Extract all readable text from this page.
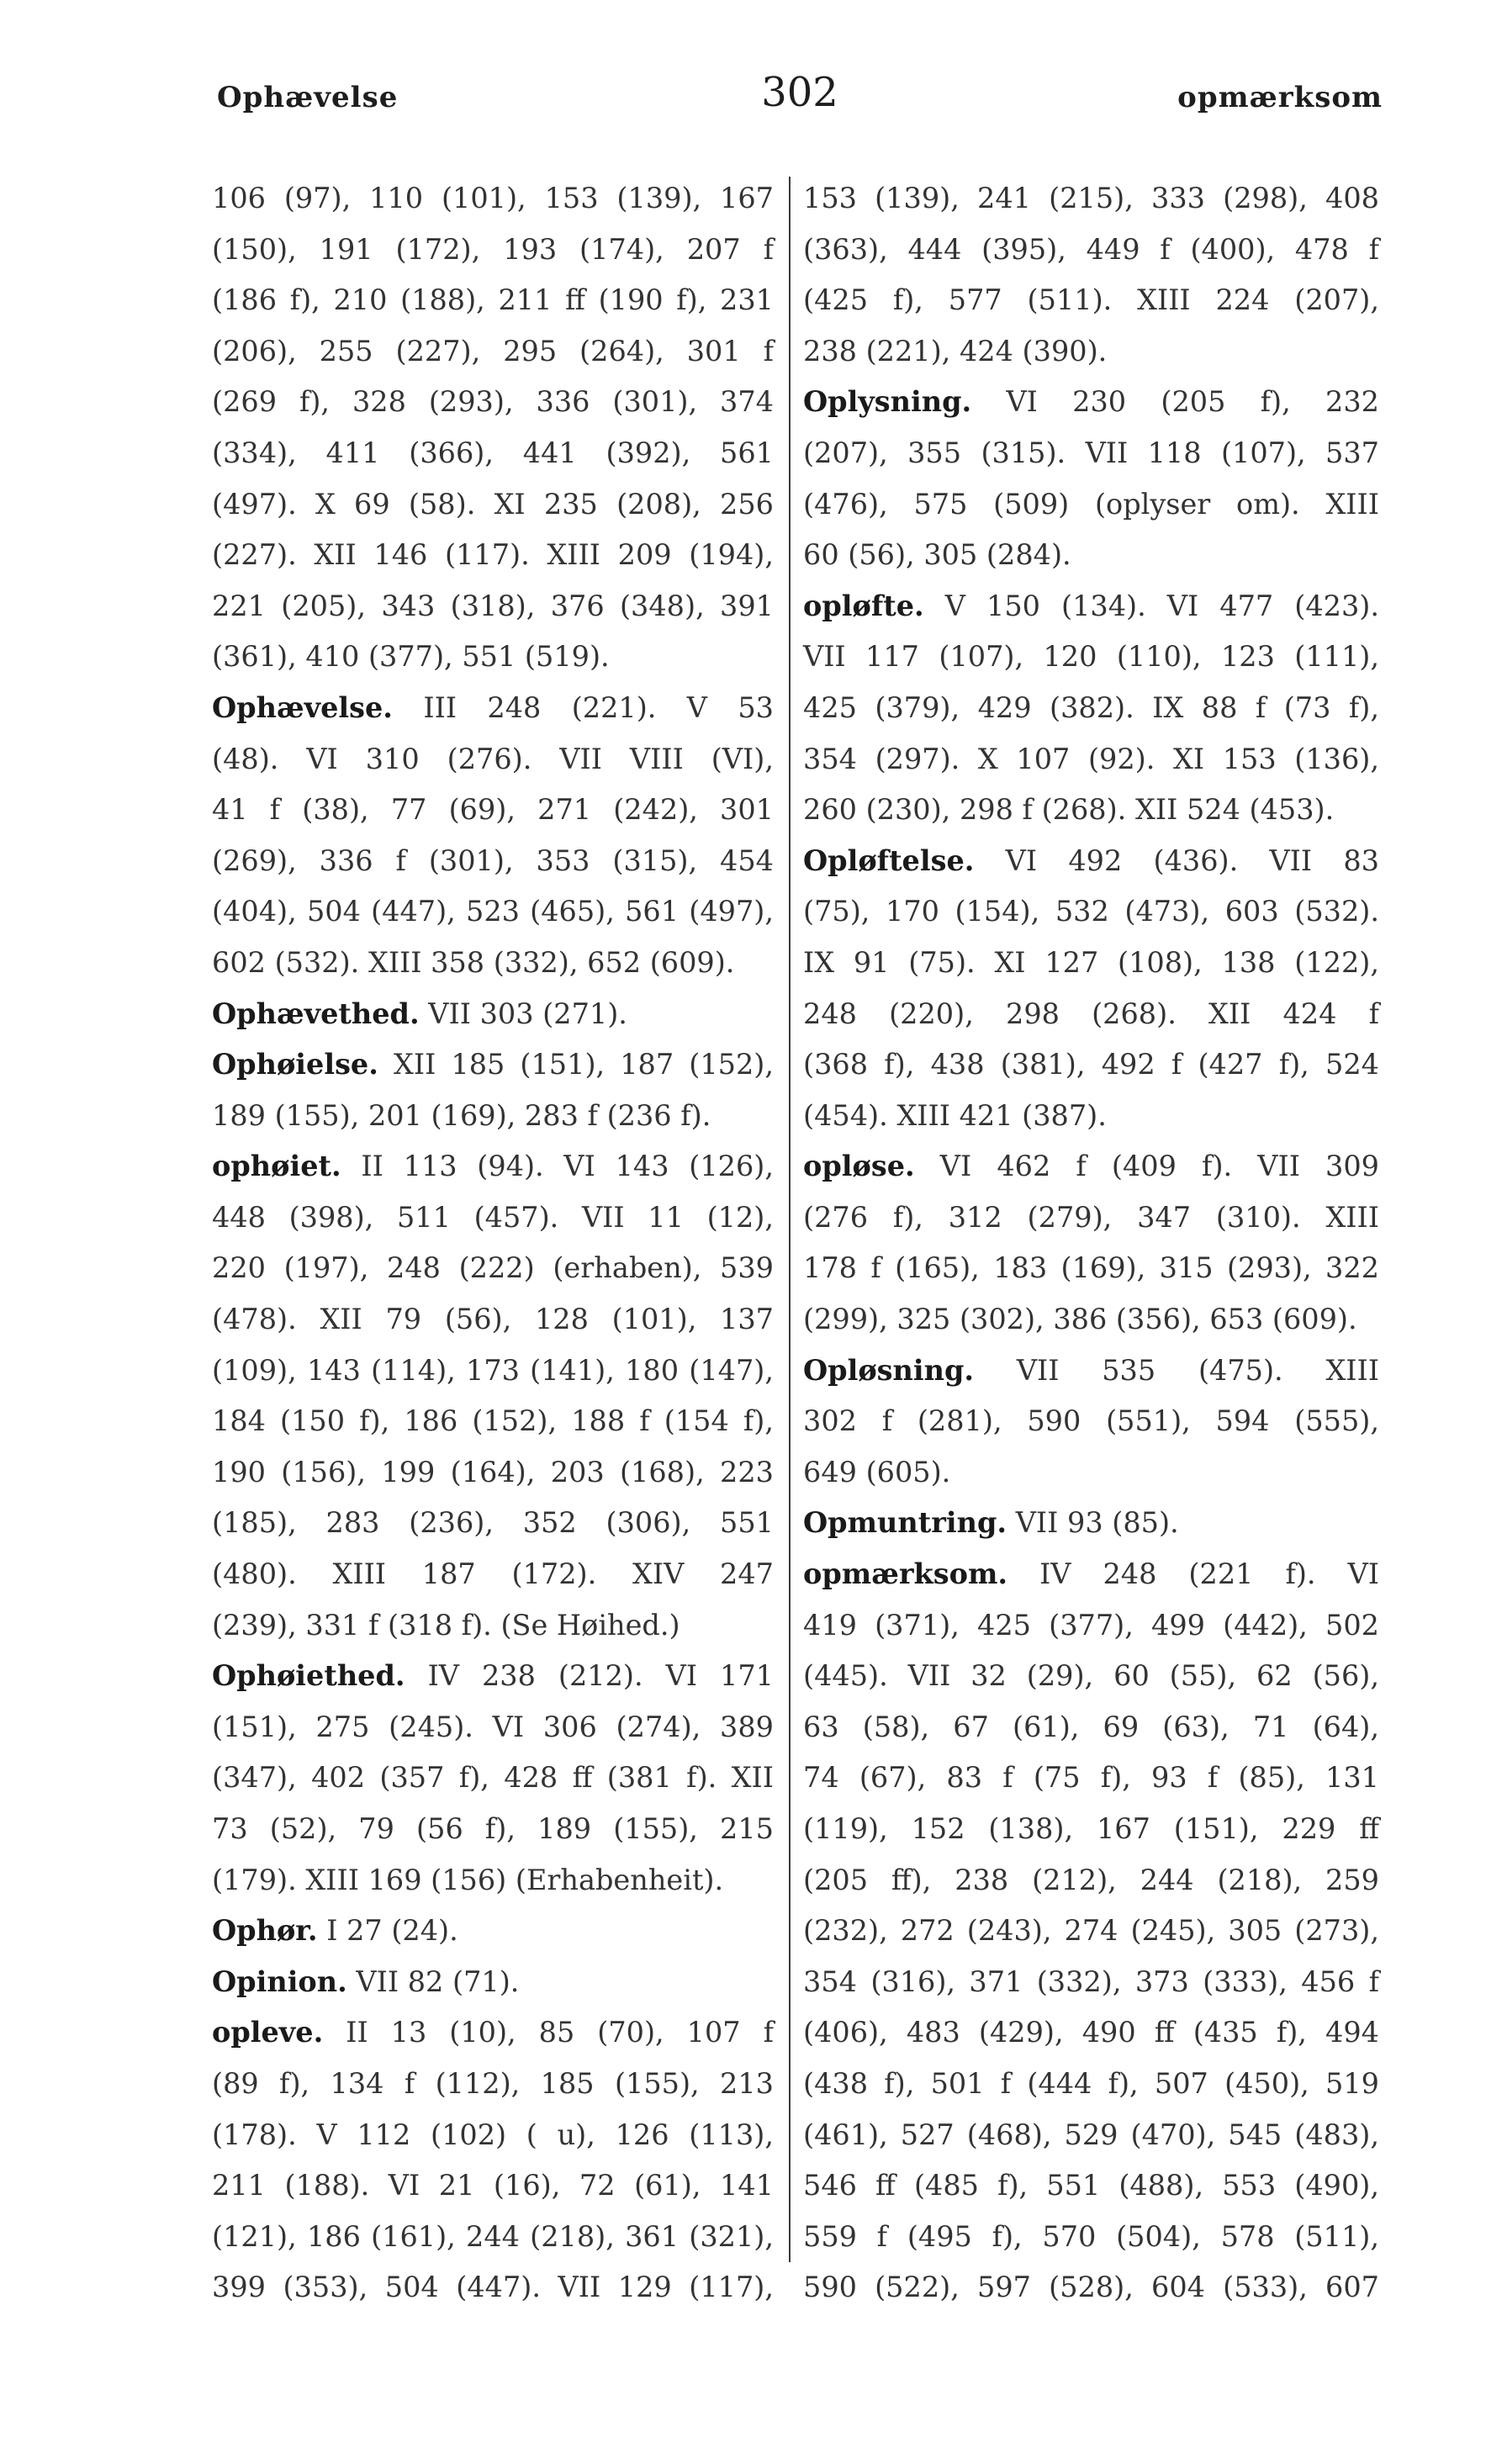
Ophævelse	302	opmærksom
106 (97), 110 (101), 153 (139), 167
(150), 191 (172), 193 (174), 207 f
(186 f), 210 (188), 211 ff (190 f), 231
(206), 255 (227), 295 (264), 301 f
(269 f), 328 (293), 336 (301), 374
(334), 411 (366), 441 (392), 561
(497). X 69 (58). XI 235 (208), 256
(227). XII 146 (117). XIII 209 (194),
221 (205), 343 (318), 376 (348), 391
(361), 410 (377), 551 (519).
Ophævelse. III 248 (221). V 53
(48). VI 310 (276). VII VIII (VI),
41 f (38), 77 (69), 271 (242), 301
(269), 336 f (301), 353 (315), 454
(404), 504 (447), 523 (465), 561 (497),
602 (532). XIII 358 (332), 652 (609).
Ophævethed. VII 303 (271).
Ophøielse. XII 185 (151), 187 (152),
189 (155), 201 (169), 283 f (236 f).
ophøiet. II 113 (94). VI 143 (126),
448 (398), 511 (457). VII 11 (12),
220 (197), 248 (222) (erhaben), 539
(478). XII 79 (56), 128 (101), 137
(109), 143 (114), 173 (141), 180 (147),
184 (150 f), 186 (152), 188 f (154 f),
190 (156), 199 (164), 203 (168), 223
(185), 283 (236), 352 (306), 551
(480). XIII 187 (172). XIV 247
(239), 331 f (318 f). (Se Høihed.)
Ophøiethed. IV 238 (212). VI 171
(151), 275 (245). VI 306 (274), 389
(347), 402 (357 f), 428 ff (381 f). XII
73 (52), 79 (56 f), 189 (155), 215
(179). XIII 169 (156) (Erhabenheit).
Ophør. I 27 (24).
Opinion. VII 82 (71).
opleve. II 13 (10), 85 (70), 107 f
(89 f), 134 f (112), 185 (155), 213
(178). V 112 (102) ( u), 126 (113),
211 (188). VI 21 (16), 72 (61), 141
(121), 186 (161), 244 (218), 361 (321),
399 (353), 504 (447). VII 129 (117),
153 (139), 241 (215), 333 (298), 408
(363), 444 (395), 449 f (400), 478 f
(425 f), 577 (511). XIII 224 (207),
238 (221), 424 (390).
Oplysning. VI 230 (205 f), 232
(207), 355 (315). VII 118 (107), 537
(476), 575 (509) (oplyser om). XIII
60 (56), 305 (284).
opløfte. V 150 (134). VI 477 (423).
VII 117 (107), 120 (110), 123 (111),
425 (379), 429 (382). IX 88 f (73 f),
354 (297). X 107 (92). XI 153 (136),
260 (230), 298 f (268). XII 524 (453).
Opløftelse. VI 492 (436). VII 83
(75), 170 (154), 532 (473), 603 (532).
IX 91 (75). XI 127 (108), 138 (122),
248 (220), 298 (268). XII 424 f
(368 f), 438 (381), 492 f (427 f), 524
(454). XIII 421 (387).
opløse. VI 462 f (409 f). VII 309
(276 f), 312 (279), 347 (310). XIII
178 f (165), 183 (169), 315 (293), 322
(299), 325 (302), 386 (356), 653 (609).
Opløsning. VII 535 (475). XIII
302 f (281), 590 (551), 594 (555),
649 (605).
Opmuntring. VII 93 (85).
opmærksom. IV 248 (221 f). VI
419 (371), 425 (377), 499 (442), 502
(445). VII 32 (29), 60 (55), 62 (56),
63 (58), 67 (61), 69 (63), 71 (64),
74 (67), 83 f (75 f), 93 f (85), 131
(119), 152 (138), 167 (151), 229 ff
(205 ff), 238 (212), 244 (218), 259
(232), 272 (243), 274 (245), 305 (273),
354 (316), 371 (332), 373 (333), 456 f
(406), 483 (429), 490 ff (435 f), 494
(438 f), 501 f (444 f), 507 (450), 519
(461), 527 (468), 529 (470), 545 (483),
546 ff (485 f), 551 (488), 553 (490),
559 f (495 f), 570 (504), 578 (511),
590 (522), 597 (528), 604 (533), 607
